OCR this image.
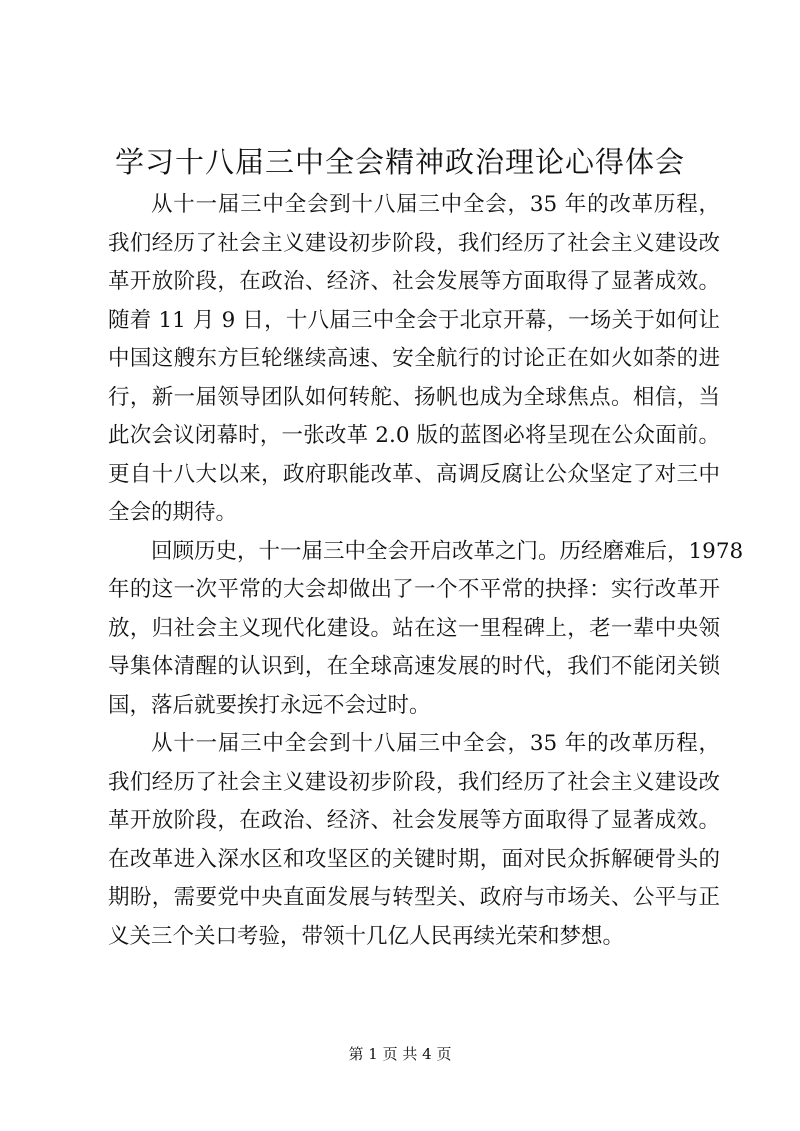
学习十八届三中全会精神政治理论心得体会
从十一届三中全会到十八届三中全会，35 年的改革历程，
我们经历了社会主义建设初步阶段，我们经历了社会主义建设改
革开放阶段，在政治、经济、社会发展等方面取得了显著成效。
随着 11 月 9 日，十八届三中全会于北京开幕，一场关于如何让
中国这艘东方巨轮继续高速、安全航行的讨论正在如火如荼的进
行，新一届领导团队如何转舵、扬帆也成为全球焦点。相信，当
此次会议闭幕时，一张改革 2.0 版的蓝图必将呈现在公众面前。
更自十八大以来，政府职能改革、高调反腐让公众坚定了对三中
全会的期待。
回顾历史，十一届三中全会开启改革之门。历经磨难后，1978
年的这一次平常的大会却做出了一个不平常的抉择：实行改革开
放，归社会主义现代化建设。站在这一里程碑上，老一辈中央领
导集体清醒的认识到，在全球高速发展的时代，我们不能闭关锁
国，落后就要挨打永远不会过时。
从十一届三中全会到十八届三中全会，35 年的改革历程，
我们经历了社会主义建设初步阶段，我们经历了社会主义建设改
革开放阶段，在政治、经济、社会发展等方面取得了显著成效。
在改革进入深水区和攻坚区的关键时期，面对民众拆解硬骨头的
期盼，需要党中央直面发展与转型关、政府与市场关、公平与正
义关三个关口考验，带领十几亿人民再续光荣和梦想。
第 1 页 共 4 页
